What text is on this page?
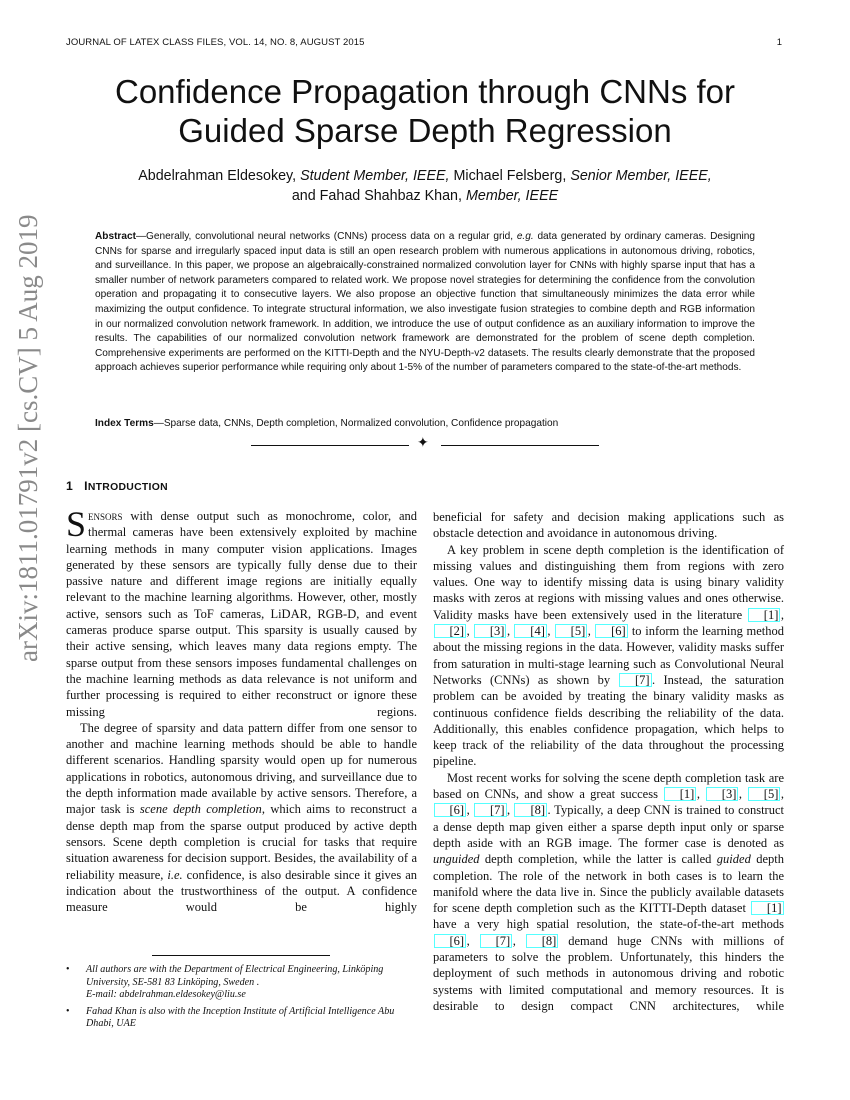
JOURNAL OF LATEX CLASS FILES, VOL. 14, NO. 8, AUGUST 2015	1
arXiv:1811.01791v2 [cs.CV] 5 Aug 2019
Confidence Propagation through CNNs for Guided Sparse Depth Regression
Abdelrahman Eldesokey, Student Member, IEEE, Michael Felsberg, Senior Member, IEEE,
and Fahad Shahbaz Khan, Member, IEEE

Abstract—Generally, convolutional neural networks (CNNs) process data on a regular grid, e.g. data generated by ordinary cameras. Designing CNNs for sparse and irregularly spaced input data is still an open research problem with numerous applications in autonomous driving, robotics, and surveillance. In this paper, we propose an algebraically-constrained normalized convolution layer for CNNs with highly sparse input that has a smaller number of network parameters compared to related work. We propose novel strategies for determining the confidence from the convolution operation and propagating it to consecutive layers. We also propose an objective function that simultaneously minimizes the data error while maximizing the output confidence. To integrate structural information, we also investigate fusion strategies to combine depth and RGB information in our normalized convolution network framework. In addition, we introduce the use of output confidence as an auxiliary information to improve the results. The capabilities of our normalized convolution network framework are demonstrated for the problem of scene depth completion. Comprehensive experiments are performed on the KITTI-Depth and the NYU-Depth-v2 datasets. The results clearly demonstrate that the proposed approach achieves superior performance while requiring only about 1-5% of the number of parameters compared to the state-of-the-art methods.

Index Terms—Sparse data, CNNs, Depth completion, Normalized convolution, Confidence propagation

✦
1 INTRODUCTION

Sensors with dense output such as monochrome, color, and thermal cameras have been extensively exploited by machine learning methods in many computer vision applications. Images generated by these sensors are typically fully dense due to their passive nature and different image regions are initially equally relevant to the machine learning algorithms. However, other, mostly active, sensors such as ToF cameras, LiDAR, RGB-D, and event cameras produce sparse output. This sparsity is usually caused by their active sensing, which leaves many data regions empty. The sparse output from these sensors imposes fundamental challenges on the machine learning methods as data relevance is not uniform and further processing is required to either reconstruct or ignore these missing regions.

The degree of sparsity and data pattern differ from one sensor to another and machine learning methods should be able to handle different scenarios. Handling sparsity would open up for numerous applications in robotics, autonomous driving, and surveillance due to the depth information made available by active sensors. Therefore, a major task is scene depth completion, which aims to reconstruct a dense depth map from the sparse output produced by active depth sensors. Scene depth completion is crucial for tasks that require situation awareness for decision support. Besides, the availability of a reliability measure, i.e. confidence, is also desirable since it gives an indication about the trustworthiness of the output. A confidence measure would be highly

beneficial for safety and decision making applications such as obstacle detection and avoidance in autonomous driving.

A key problem in scene depth completion is the identification of missing values and distinguishing them from regions with zero values. One way to identify missing data is using binary validity masks with zeros at regions with missing values and ones otherwise. Validity masks have been extensively used in the literature [1] , [2] , [3] , [4] , [5] , [6] to inform the learning method about the missing regions in the data. However, validity masks suffer from saturation in multi-stage learning such as Convolutional Neural Networks (CNNs) as shown by [7] . Instead, the saturation problem can be avoided by treating the binary validity masks as continuous confidence fields describing the reliability of the data. Additionally, this enables confidence propagation, which helps to keep track of the reliability of the data throughout the processing pipeline.

Most recent works for solving the scene depth completion task are based on CNNs, and show a great success [1] , [3] , [5] , [6] , [7] , [8] . Typically, a deep CNN is trained to construct a dense depth map given either a sparse depth input only or sparse depth aside with an RGB image. The former case is denoted as unguided depth completion, while the latter is called guided depth completion. The role of the network in both cases is to learn the manifold where the data live in. Since the publicly available datasets for scene depth completion such as the KITTI-Depth dataset [1] have a very high spatial resolution, the state-of-the-art methods [6] , [7] , [8] demand huge CNNs with millions of parameters to solve the problem. Unfortunately, this hinders the deployment of such methods in autonomous driving and robotic systems with limited computational and memory resources. It is desirable to design compact CNN architectures, while

• All authors are with the Department of Electrical Engineering, Linköping University, SE-581 83 Linköping, Sweden .
E-mail: abdelrahman.eldesokey@liu.se
• Fahad Khan is also with the Inception Institute of Artificial Intelligence Abu Dhabi, UAE
